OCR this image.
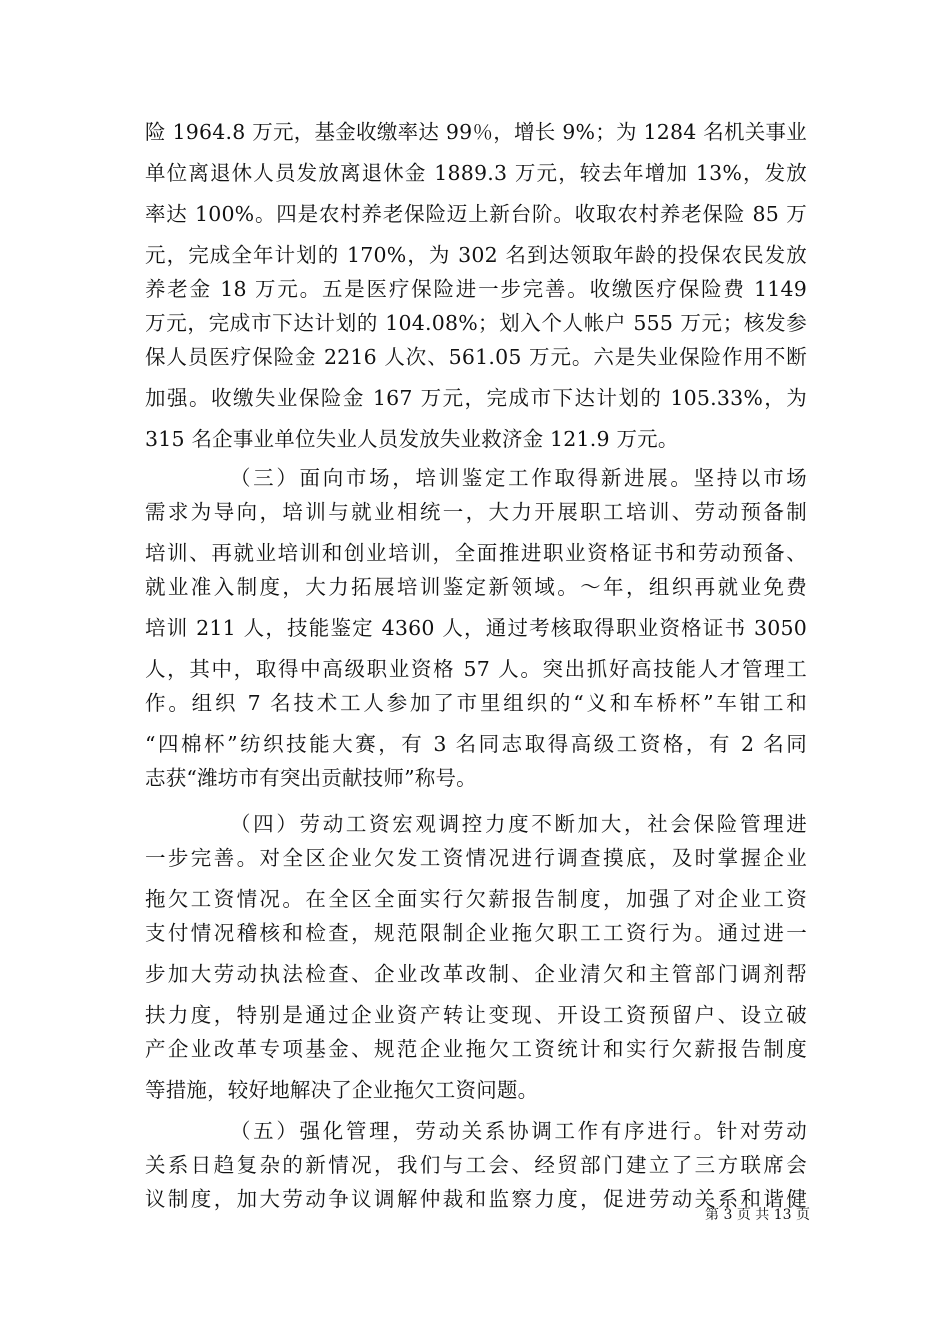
险 1964.8 万元，基金收缴率达 99％，增长 9%；为 1284 名机关事业
单位离退休人员发放离退休金 1889.3 万元，较去年增加 13%，发放
率达 100%。四是农村养老保险迈上新台阶。收取农村养老保险 85 万
元，完成全年计划的 170%，为 302 名到达领取年龄的投保农民发放
养老金 18 万元。五是医疗保险进一步完善。收缴医疗保险费 1149
万元，完成市下达计划的 104.08%；划入个人帐户 555 万元；核发参
保人员医疗保险金 2216 人次、561.05 万元。六是失业保险作用不断
加强。收缴失业保险金 167 万元，完成市下达计划的 105.33%，为
315 名企事业单位失业人员发放失业救济金 121.9 万元。
（三）面向市场，培训鉴定工作取得新进展。坚持以市场
需求为导向，培训与就业相统一，大力开展职工培训、劳动预备制
培训、再就业培训和创业培训，全面推进职业资格证书和劳动预备、
就业准入制度，大力拓展培训鉴定新领域。～年，组织再就业免费
培训 211 人，技能鉴定 4360 人，通过考核取得职业资格证书 3050
人，其中，取得中高级职业资格 57 人。突出抓好高技能人才管理工
作。组织 7 名技术工人参加了市里组织的“义和车桥杯”车钳工和
“四棉杯”纺织技能大赛，有 3 名同志取得高级工资格，有 2 名同
志获“潍坊市有突出贡献技师”称号。
（四）劳动工资宏观调控力度不断加大，社会保险管理进
一步完善。对全区企业欠发工资情况进行调查摸底，及时掌握企业
拖欠工资情况。在全区全面实行欠薪报告制度，加强了对企业工资
支付情况稽核和检查，规范限制企业拖欠职工工资行为。通过进一
步加大劳动执法检查、企业改革改制、企业清欠和主管部门调剂帮
扶力度，特别是通过企业资产转让变现、开设工资预留户、设立破
产企业改革专项基金、规范企业拖欠工资统计和实行欠薪报告制度
等措施，较好地解决了企业拖欠工资问题。
（五）强化管理，劳动关系协调工作有序进行。针对劳动
关系日趋复杂的新情况，我们与工会、经贸部门建立了三方联席会
议制度，加大劳动争议调解仲裁和监察力度，促进劳动关系和谐健
第 3 页 共 13 页
